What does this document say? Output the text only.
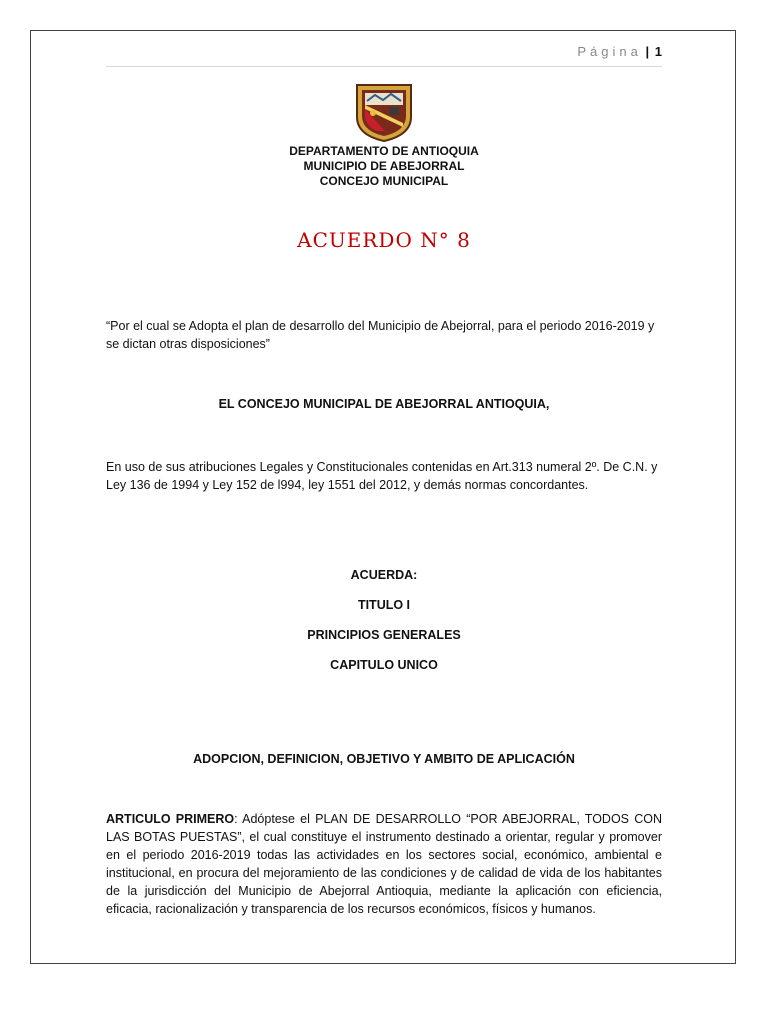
Página | 1
DEPARTAMENTO DE ANTIOQUIA
MUNICIPIO DE ABEJORRAL
CONCEJO MUNICIPAL
ACUERDO N° 8
“Por el cual se Adopta el plan de desarrollo del Municipio de Abejorral, para el periodo 2016-2019 y se dictan otras disposiciones”
EL CONCEJO MUNICIPAL DE ABEJORRAL ANTIOQUIA,
En uso de sus atribuciones Legales y Constitucionales contenidas en Art.313 numeral 2º. De C.N. y Ley 136 de 1994 y Ley 152 de l994, ley 1551 del 2012, y demás normas concordantes.
ACUERDA:
TITULO I
PRINCIPIOS GENERALES
CAPITULO UNICO
ADOPCION, DEFINICION, OBJETIVO Y AMBITO DE APLICACIÓN
ARTICULO PRIMERO: Adóptese el PLAN DE DESARROLLO “POR ABEJORRAL, TODOS CON LAS BOTAS PUESTAS”, el cual constituye el instrumento destinado a orientar, regular y promover en el periodo 2016-2019 todas las actividades en los sectores social, económico, ambiental e institucional, en procura del mejoramiento de las condiciones y de calidad de vida de los habitantes de la jurisdicción del Municipio de Abejorral Antioquia, mediante la aplicación con eficiencia, eficacia, racionalización y transparencia de los recursos económicos, físicos y humanos.
